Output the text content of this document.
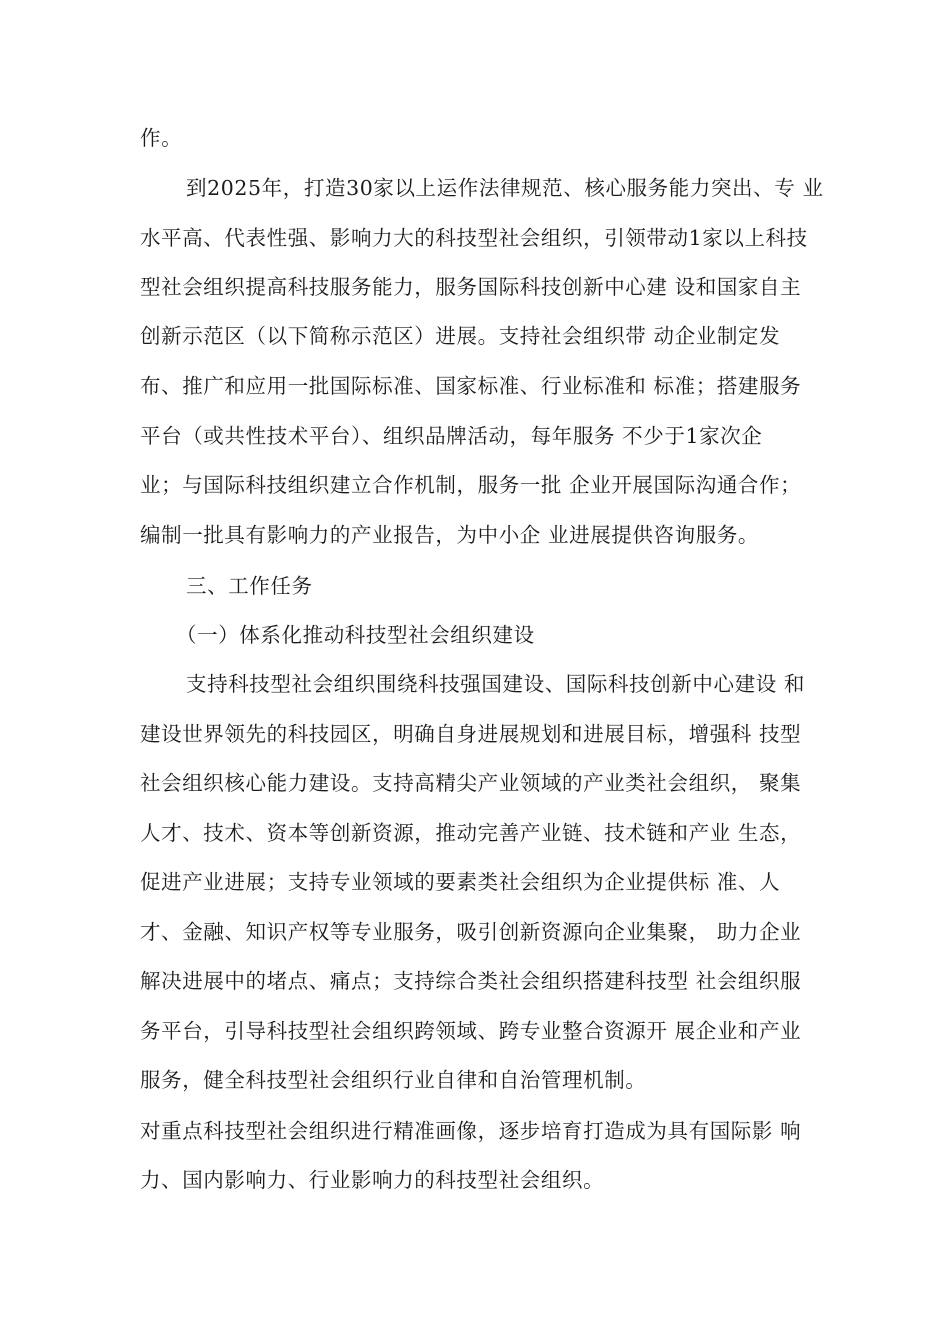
作。
到2025年，打造30家以上运作法律规范、核心服务能力突出、专 业
水平高、代表性强、影响力大的科技型社会组织，引领带动1家以上科技
型社会组织提高科技服务能力，服务国际科技创新中心建 设和国家自主
创新示范区（以下简称示范区）进展。支持社会组织带 动企业制定发
布、推广和应用一批国际标准、国家标准、行业标准和 标准；搭建服务
平台（或共性技术平台）、组织品牌活动，每年服务 不少于1家次企
业；与国际科技组织建立合作机制，服务一批 企业开展国际沟通合作；
编制一批具有影响力的产业报告，为中小企 业进展提供咨询服务。
三、工作任务
（一）体系化推动科技型社会组织建设
支持科技型社会组织围绕科技强国建设、国际科技创新中心建设 和
建设世界领先的科技园区，明确自身进展规划和进展目标，增强科 技型
社会组织核心能力建设。支持高精尖产业领域的产业类社会组织， 聚集
人才、技术、资本等创新资源，推动完善产业链、技术链和产业 生态，
促进产业进展；支持专业领域的要素类社会组织为企业提供标 准、人
才、金融、知识产权等专业服务，吸引创新资源向企业集聚， 助力企业
解决进展中的堵点、痛点；支持综合类社会组织搭建科技型 社会组织服
务平台，引导科技型社会组织跨领域、跨专业整合资源开 展企业和产业
服务，健全科技型社会组织行业自律和自治管理机制。
对重点科技型社会组织进行精准画像，逐步培育打造成为具有国际影 响
力、国内影响力、行业影响力的科技型社会组织。
